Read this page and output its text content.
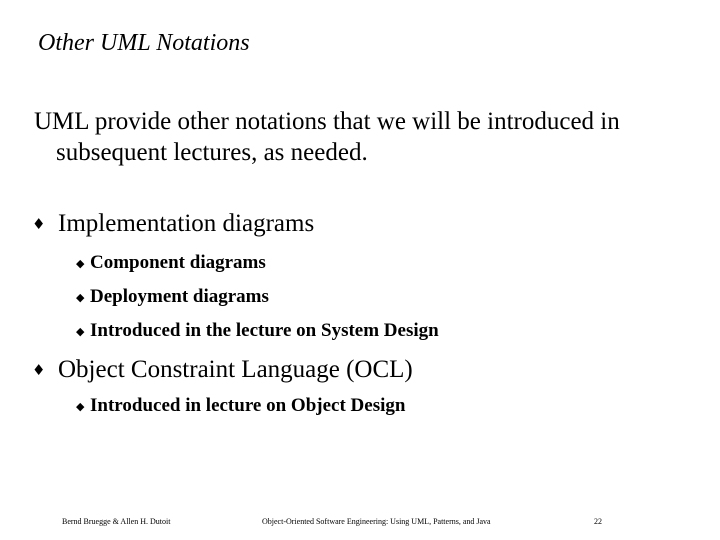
Other UML Notations
UML provide other notations that we will be introduced in subsequent lectures, as needed.
♦ Implementation diagrams
◆ Component diagrams
◆ Deployment diagrams
◆ Introduced in the lecture on System Design
♦ Object Constraint Language (OCL)
◆ Introduced in lecture on Object Design
Bernd Bruegge & Allen H. Dutoit	Object-Oriented Software Engineering: Using UML, Patterns, and Java	22
